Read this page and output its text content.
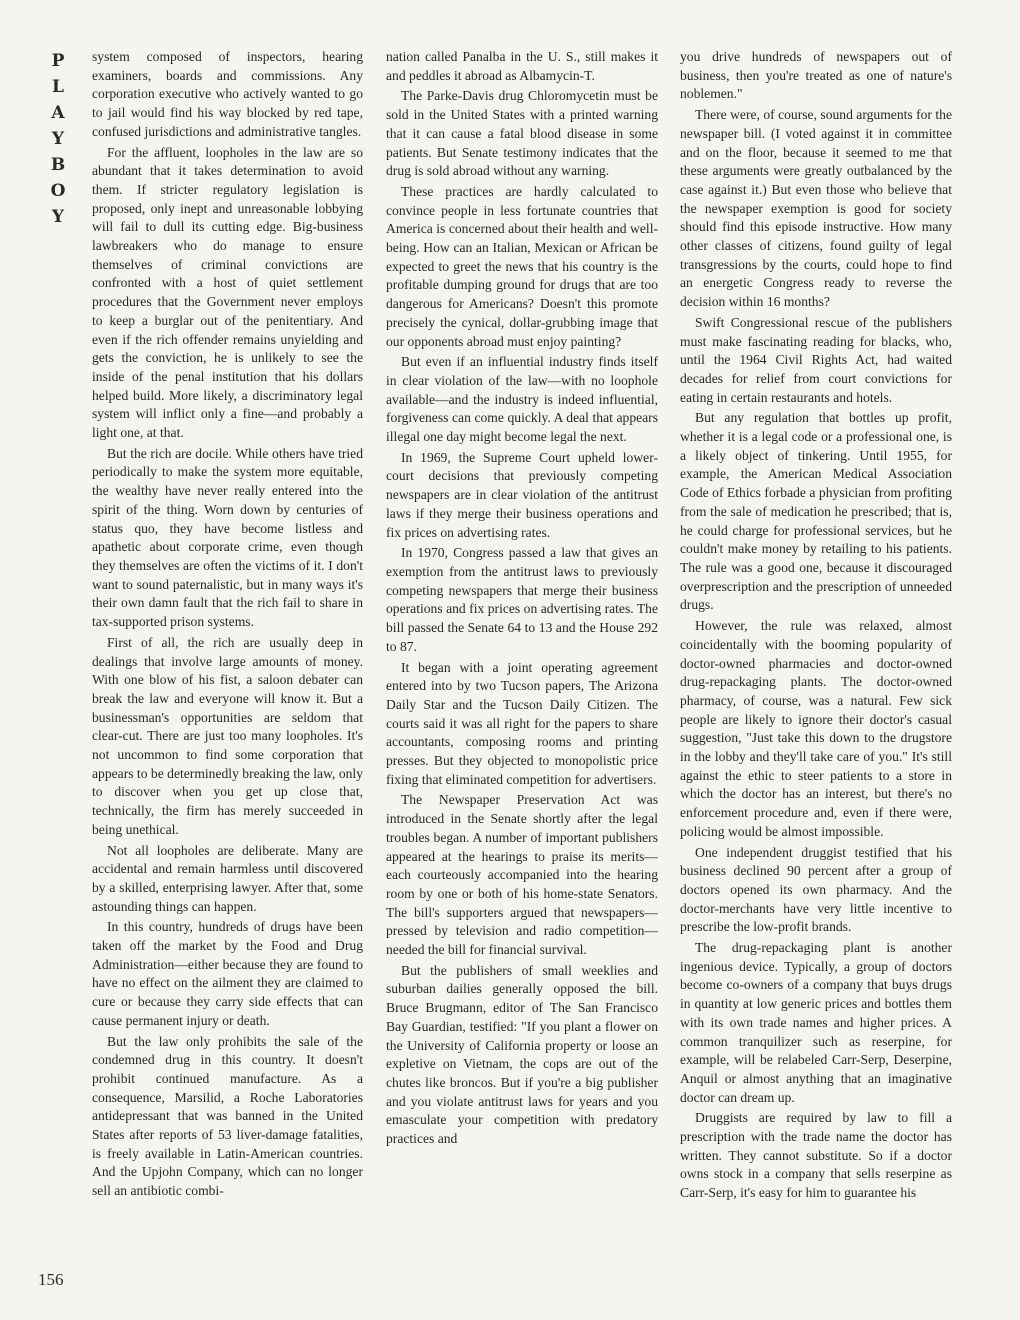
P
L
A
Y
B
O
Y
156

system composed of inspectors, hearing examiners, boards and commissions. Any corporation executive who actively wanted to go to jail would find his way blocked by red tape, confused jurisdictions and administrative tangles.

For the affluent, loopholes in the law are so abundant that it takes determination to avoid them. If stricter regulatory legislation is proposed, only inept and unreasonable lobbying will fail to dull its cutting edge. Big-business lawbreakers who do manage to ensure themselves of criminal convictions are confronted with a host of quiet settlement procedures that the Government never employs to keep a burglar out of the penitentiary. And even if the rich offender remains unyielding and gets the conviction, he is unlikely to see the inside of the penal institution that his dollars helped build. More likely, a discriminatory legal system will inflict only a fine—and probably a light one, at that.

But the rich are docile. While others have tried periodically to make the system more equitable, the wealthy have never really entered into the spirit of the thing. Worn down by centuries of status quo, they have become listless and apathetic about corporate crime, even though they themselves are often the victims of it. I don't want to sound paternalistic, but in many ways it's their own damn fault that the rich fail to share in tax-supported prison systems.

First of all, the rich are usually deep in dealings that involve large amounts of money. With one blow of his fist, a saloon debater can break the law and everyone will know it. But a businessman's opportunities are seldom that clear-cut. There are just too many loopholes. It's not uncommon to find some corporation that appears to be determinedly breaking the law, only to discover when you get up close that, technically, the firm has merely succeeded in being unethical.

Not all loopholes are deliberate. Many are accidental and remain harmless until discovered by a skilled, enterprising lawyer. After that, some astounding things can happen.

In this country, hundreds of drugs have been taken off the market by the Food and Drug Administration—either because they are found to have no effect on the ailment they are claimed to cure or because they carry side effects that can cause permanent injury or death.

But the law only prohibits the sale of the condemned drug in this country. It doesn't prohibit continued manufacture. As a consequence, Marsilid, a Roche Laboratories antidepressant that was banned in the United States after reports of 53 liver-damage fatalities, is freely available in Latin-American countries. And the Upjohn Company, which can no longer sell an antibiotic combi-

nation called Panalba in the U. S., still makes it and peddles it abroad as Albamycin-T.

The Parke-Davis drug Chloromycetin must be sold in the United States with a printed warning that it can cause a fatal blood disease in some patients. But Senate testimony indicates that the drug is sold abroad without any warning.

These practices are hardly calculated to convince people in less fortunate countries that America is concerned about their health and well-being. How can an Italian, Mexican or African be expected to greet the news that his country is the profitable dumping ground for drugs that are too dangerous for Americans? Doesn't this promote precisely the cynical, dollar-grubbing image that our opponents abroad must enjoy painting?

But even if an influential industry finds itself in clear violation of the law—with no loophole available—and the industry is indeed influential, forgiveness can come quickly. A deal that appears illegal one day might become legal the next.

In 1969, the Supreme Court upheld lower-court decisions that previously competing newspapers are in clear violation of the antitrust laws if they merge their business operations and fix prices on advertising rates.

In 1970, Congress passed a law that gives an exemption from the antitrust laws to previously competing newspapers that merge their business operations and fix prices on advertising rates. The bill passed the Senate 64 to 13 and the House 292 to 87.

It began with a joint operating agreement entered into by two Tucson papers, The Arizona Daily Star and the Tucson Daily Citizen. The courts said it was all right for the papers to share accountants, composing rooms and printing presses. But they objected to monopolistic price fixing that eliminated competition for advertisers.

The Newspaper Preservation Act was introduced in the Senate shortly after the legal troubles began. A number of important publishers appeared at the hearings to praise its merits—each courteously accompanied into the hearing room by one or both of his home-state Senators. The bill's supporters argued that newspapers—pressed by television and radio competition—needed the bill for financial survival.

But the publishers of small weeklies and suburban dailies generally opposed the bill. Bruce Brugmann, editor of The San Francisco Bay Guardian, testified: "If you plant a flower on the University of California property or loose an expletive on Vietnam, the cops are out of the chutes like broncos. But if you're a big publisher and you violate antitrust laws for years and you emasculate your competition with predatory practices and

you drive hundreds of newspapers out of business, then you're treated as one of nature's noblemen."

There were, of course, sound arguments for the newspaper bill. (I voted against it in committee and on the floor, because it seemed to me that these arguments were greatly outbalanced by the case against it.) But even those who believe that the newspaper exemption is good for society should find this episode instructive. How many other classes of citizens, found guilty of legal transgressions by the courts, could hope to find an energetic Congress ready to reverse the decision within 16 months?

Swift Congressional rescue of the publishers must make fascinating reading for blacks, who, until the 1964 Civil Rights Act, had waited decades for relief from court convictions for eating in certain restaurants and hotels.

But any regulation that bottles up profit, whether it is a legal code or a professional one, is a likely object of tinkering. Until 1955, for example, the American Medical Association Code of Ethics forbade a physician from profiting from the sale of medication he prescribed; that is, he could charge for professional services, but he couldn't make money by retailing to his patients. The rule was a good one, because it discouraged overprescription and the prescription of unneeded drugs.

However, the rule was relaxed, almost coincidentally with the booming popularity of doctor-owned pharmacies and doctor-owned drug-repackaging plants. The doctor-owned pharmacy, of course, was a natural. Few sick people are likely to ignore their doctor's casual suggestion, "Just take this down to the drugstore in the lobby and they'll take care of you." It's still against the ethic to steer patients to a store in which the doctor has an interest, but there's no enforcement procedure and, even if there were, policing would be almost impossible.

One independent druggist testified that his business declined 90 percent after a group of doctors opened its own pharmacy. And the doctor-merchants have very little incentive to prescribe the low-profit brands.

The drug-repackaging plant is another ingenious device. Typically, a group of doctors become co-owners of a company that buys drugs in quantity at low generic prices and bottles them with its own trade names and higher prices. A common tranquilizer such as reserpine, for example, will be relabeled Carr-Serp, Deserpine, Anquil or almost anything that an imaginative doctor can dream up.

Druggists are required by law to fill a prescription with the trade name the doctor has written. They cannot substitute. So if a doctor owns stock in a company that sells reserpine as Carr-Serp, it's easy for him to guarantee his
